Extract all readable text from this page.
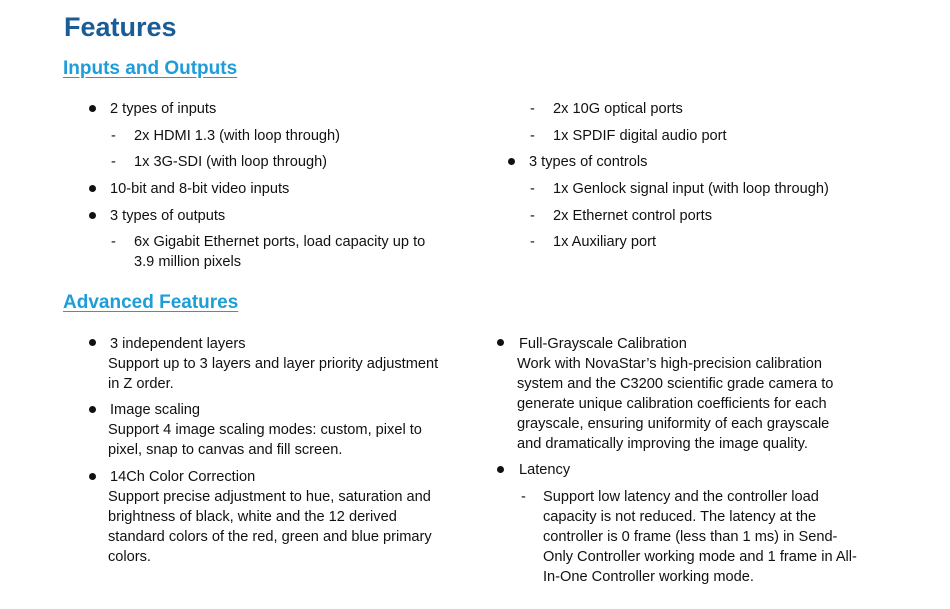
Features
Inputs and Outputs
2 types of inputs
- 2x HDMI 1.3 (with loop through)
- 1x 3G-SDI (with loop through)
10-bit and 8-bit video inputs
3 types of outputs
- 6x Gigabit Ethernet ports, load capacity up to
3.9 million pixels
- 2x 10G optical ports
- 1x SPDIF digital audio port
3 types of controls
- 1x Genlock signal input (with loop through)
- 2x Ethernet control ports
- 1x Auxiliary port
Advanced Features
3 independent layers
Support up to 3 layers and layer priority adjustment
in Z order.
Image scaling
Support 4 image scaling modes: custom, pixel to
pixel, snap to canvas and fill screen.
14Ch Color Correction
Support precise adjustment to hue, saturation and
brightness of black, white and the 12 derived
standard colors of the red, green and blue primary
colors.
Full-Grayscale Calibration
Work with NovaStar’s high-precision calibration
system and the C3200 scientific grade camera to
generate unique calibration coefficients for each
grayscale, ensuring uniformity of each grayscale
and dramatically improving the image quality.
Latency
- Support low latency and the controller load
capacity is not reduced. The latency at the
controller is 0 frame (less than 1 ms) in Send-
Only Controller working mode and 1 frame in All-
In-One Controller working mode.
